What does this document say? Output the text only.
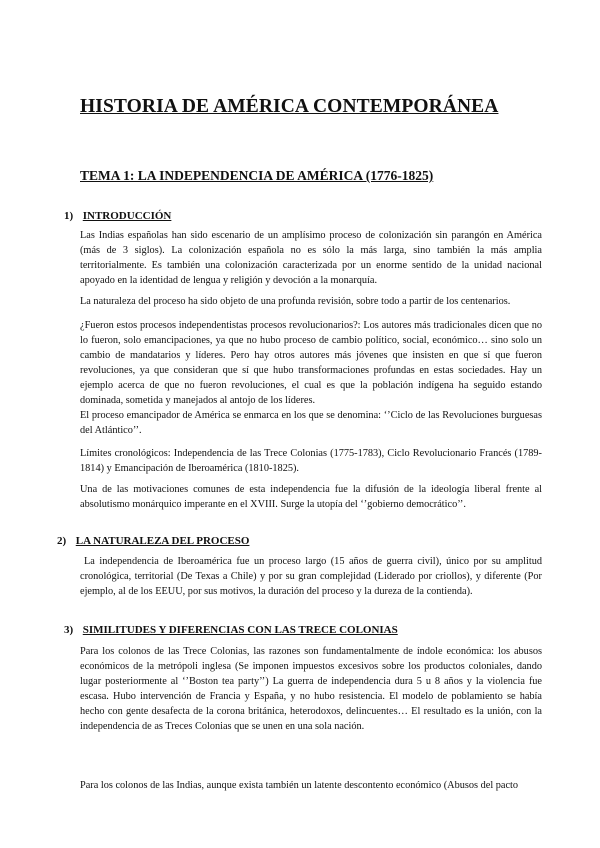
HISTORIA DE AMÉRICA CONTEMPORÁNEA
TEMA 1: LA INDEPENDENCIA DE AMÉRICA (1776-1825)
1) INTRODUCCIÓN

Las Indias españolas han sido escenario de un amplísimo proceso de colonización sin parangón en América (más de 3 siglos). La colonización española no es sólo la más larga, sino también la más amplia territorialmente. Es también una colonización caracterizada por un enorme sentido de la unidad nacional apoyado en la identidad de lengua y religión y devoción a la monarquía.

La naturaleza del proceso ha sido objeto de una profunda revisión, sobre todo a partir de los centenarios.

¿Fueron estos procesos independentistas procesos revolucionarios?: Los autores más tradicionales dicen que no lo fueron, solo emancipaciones, ya que no hubo proceso de cambio político, social, económico… sino solo un cambio de mandatarios y líderes. Pero hay otros autores más jóvenes que insisten en que sí que fueron revoluciones, ya que consideran que sí que hubo transformaciones profundas en estas sociedades. Hay un ejemplo acerca de que no fueron revoluciones, el cual es que la población indígena ha seguido estando dominada, sometida y manejados al antojo de los líderes.

El proceso emancipador de América se enmarca en los que se denomina: ‘’Ciclo de las Revoluciones burguesas del Atlántico’’.

Límites cronológicos: Independencia de las Trece Colonias (1775-1783), Ciclo Revolucionario Francés (1789-1814) y Emancipación de Iberoamérica (1810-1825).

Una de las motivaciones comunes de esta independencia fue la difusión de la ideología liberal frente al absolutismo monárquico imperante en el XVIII. Surge la utopía del ‘’gobierno democrático’’.

2) LA NATURALEZA DEL PROCESO

La independencia de Iberoamérica fue un proceso largo (15 años de guerra civil), único por su amplitud cronológica, territorial (De Texas a Chile) y por su gran complejidad (Liderado por criollos), y diferente (Por ejemplo, al de los EEUU, por sus motivos, la duración del proceso y la dureza de la contienda).

3) SIMILITUDES Y DIFERENCIAS CON LAS TRECE COLONIAS

Para los colonos de las Trece Colonias, las razones son fundamentalmente de índole económica: los abusos económicos de la metrópoli inglesa (Se imponen impuestos excesivos sobre los productos coloniales, dando lugar posteriormente al ‘’Boston tea party’’) La guerra de independencia dura 5 u 8 años y la violencia fue escasa. Hubo intervención de Francia y España, y no hubo resistencia. El modelo de poblamiento se había hecho con gente desafecta de la corona británica, heterodoxos, delincuentes… El resultado es la unión, con la independencia de as Treces Colonias que se unen en una sola nación.

Para los colonos de las Indias, aunque exista también un latente descontento económico (Abusos del pacto
